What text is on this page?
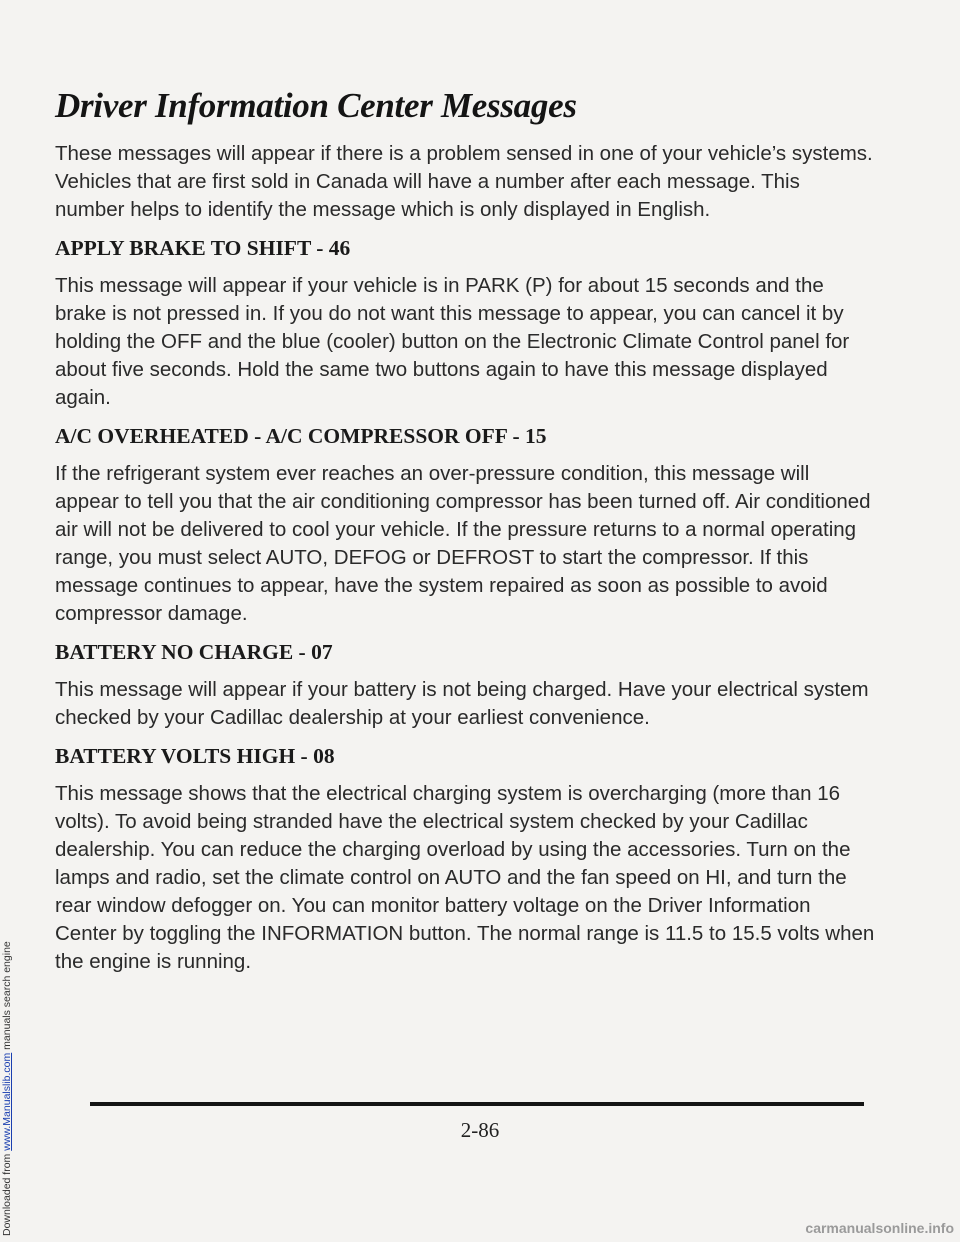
Downloaded from www.Manualslib.com manuals search engine
Driver Information Center Messages

These messages will appear if there is a problem sensed in one of your vehicle’s systems. Vehicles that are first sold in Canada will have a number after each message. This number helps to identify the message which is only displayed in English.

APPLY BRAKE TO SHIFT - 46

This message will appear if your vehicle is in PARK (P) for about 15 seconds and the brake is not pressed in. If you do not want this message to appear, you can cancel it by holding the OFF and the blue (cooler) button on the Electronic Climate Control panel for about five seconds. Hold the same two buttons again to have this message displayed again.

A/C OVERHEATED - A/C COMPRESSOR OFF - 15

If the refrigerant system ever reaches an over-pressure condition, this message will appear to tell you that the air conditioning compressor has been turned off. Air conditioned air will not be delivered to cool your vehicle. If the pressure returns to a normal operating range, you must select AUTO, DEFOG or DEFROST to start the compressor. If this message continues to appear, have the system repaired as soon as possible to avoid compressor damage.

BATTERY NO CHARGE - 07

This message will appear if your battery is not being charged. Have your electrical system checked by your Cadillac dealership at your earliest convenience.

BATTERY VOLTS HIGH - 08

This message shows that the electrical charging system is overcharging (more than 16 volts). To avoid being stranded have the electrical system checked by your Cadillac dealership. You can reduce the charging overload by using the accessories. Turn on the lamps and radio, set the climate control on AUTO and the fan speed on HI, and turn the rear window defogger on. You can monitor battery voltage on the Driver Information Center by toggling the INFORMATION button. The normal range is 11.5 to 15.5 volts when the engine is running.

2-86
carmanualsonline.info
